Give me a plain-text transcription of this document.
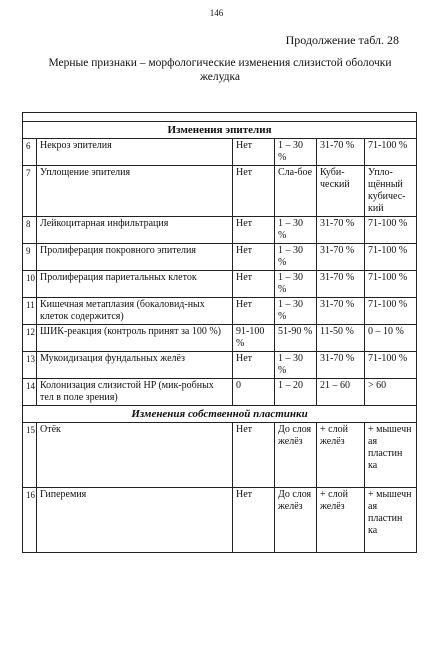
146
Продолжение табл. 28
Мерные признаки – морфологические изменения слизистой оболочки желудка

Изменения эпителия					
6	Некроз эпителия	Нет	1 – 30 %	31-70 %	71-100 %
7	Уплощение эпителия	Нет	Сла-бое	Куби-ческий	Упло-щённый кубичес-кий
8	Лейкоцитарная инфильтрация	Нет	1 – 30 %	31-70 %	71-100 %
9	Пролиферация покровного эпителия	Нет	1 – 30 %	31-70 %	71-100 %
10	Пролиферация париетальных клеток	Нет	1 – 30 %	31-70 %	71-100 %
11	Кишечная метаплазия (бокаловид-ных клеток содержится)	Нет	1 – 30 %	31-70 %	71-100 %
12	ШИК-реакция (контроль принят за 100 %)	91-100 %	51-90 %	11-50 %	0 – 10 %
13	Мукоидизация фундальных желёз	Нет	1 – 30 %	31-70 %	71-100 %
14	Колонизация слизистой HP (мик-робных тел в поле зрения)	0	1 – 20	21 – 60	> 60
Изменения собственной пластинки					
15	Отёк	Нет	До слоя желёз	+ слой желёз	+ мышечн ая пластин ка
16	Гиперемия	Нет	До слоя желёз	+ слой желёз	+ мышечн ая пластин ка
